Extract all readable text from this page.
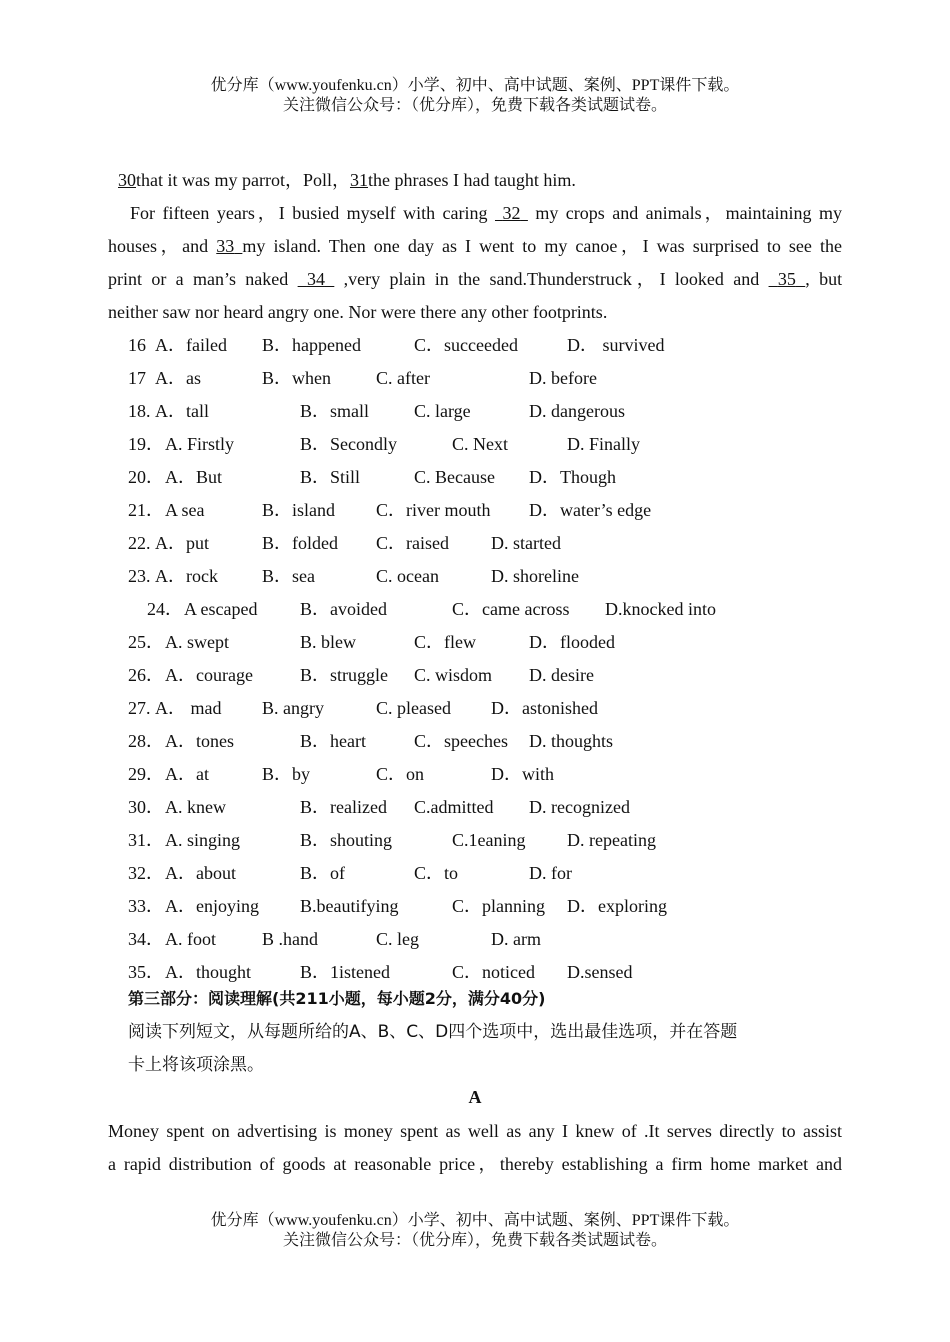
优分库（www.youfenku.cn）小学、初中、高中试题、案例、PPT课件下载。
关注微信公众号：（优分库），免费下载各类试题试卷。
30that it was my parrot，Poll，31the phrases I had taught him.
For fifteen years，I busied myself with caring 32 my crops and animals，maintaining my
houses，and 33 my island. Then one day as I went to my canoe，I was surprised to see the
print or a man’s naked 34 ,very plain in the sand.Thunderstruck，I looked and 35 , but
neither saw nor heard angry one. Nor were there any other footprints.
16 A．failed B．happened	C．succeeded	D． survived
17 A．as	B．when	C. after	D. before
18. A．tall	B．small C. large	D. dangerous
19． A. Firstly	B．Secondly	C. Next	D. Finally
20． A．But	B．Still	C. Because D．Though
21． A sea	B．island C．river mouth D．water’s edge
22. A．put	B．folded C．raised D. started
23. A．rock B．sea	C. ocean	D. shoreline
24． A escaped B．avoided	C．came across D.knocked into
25． A. swept	B. blew	C．flew	D．flooded
26． A．courage	B．struggle C. wisdom D. desire
27. A． mad B. angry	C. pleased D．astonished
28． A．tones	B．heart	C．speeches D. thoughts
29． A．at	B．by	C．on	D．with
30． A. knew	B．realized C.admitted D. recognized
31． A. singing	B．shouting	C.1eaning D. repeating
32． A．about	B．of	C．to	D. for
33． A．enjoying B.beautifying	C．planning D．exploring
34． A. foot	B .hand	C. leg	D. arm
35． A．thought	B．1istened	C．noticed D.sensed
第三部分：阅读理解(共211小题，每小题2分，满分40分)
阅读下列短文，从每题所给的A、B、C、D四个选项中，选出最佳选项，并在答题
卡上将该项涂黑。
A
Money spent on advertising is money spent as well as any I knew of .It serves directly to assist
a rapid distribution of goods at reasonable price，thereby establishing a firm home market and
优分库（www.youfenku.cn）小学、初中、高中试题、案例、PPT课件下载。
关注微信公众号：（优分库），免费下载各类试题试卷。
